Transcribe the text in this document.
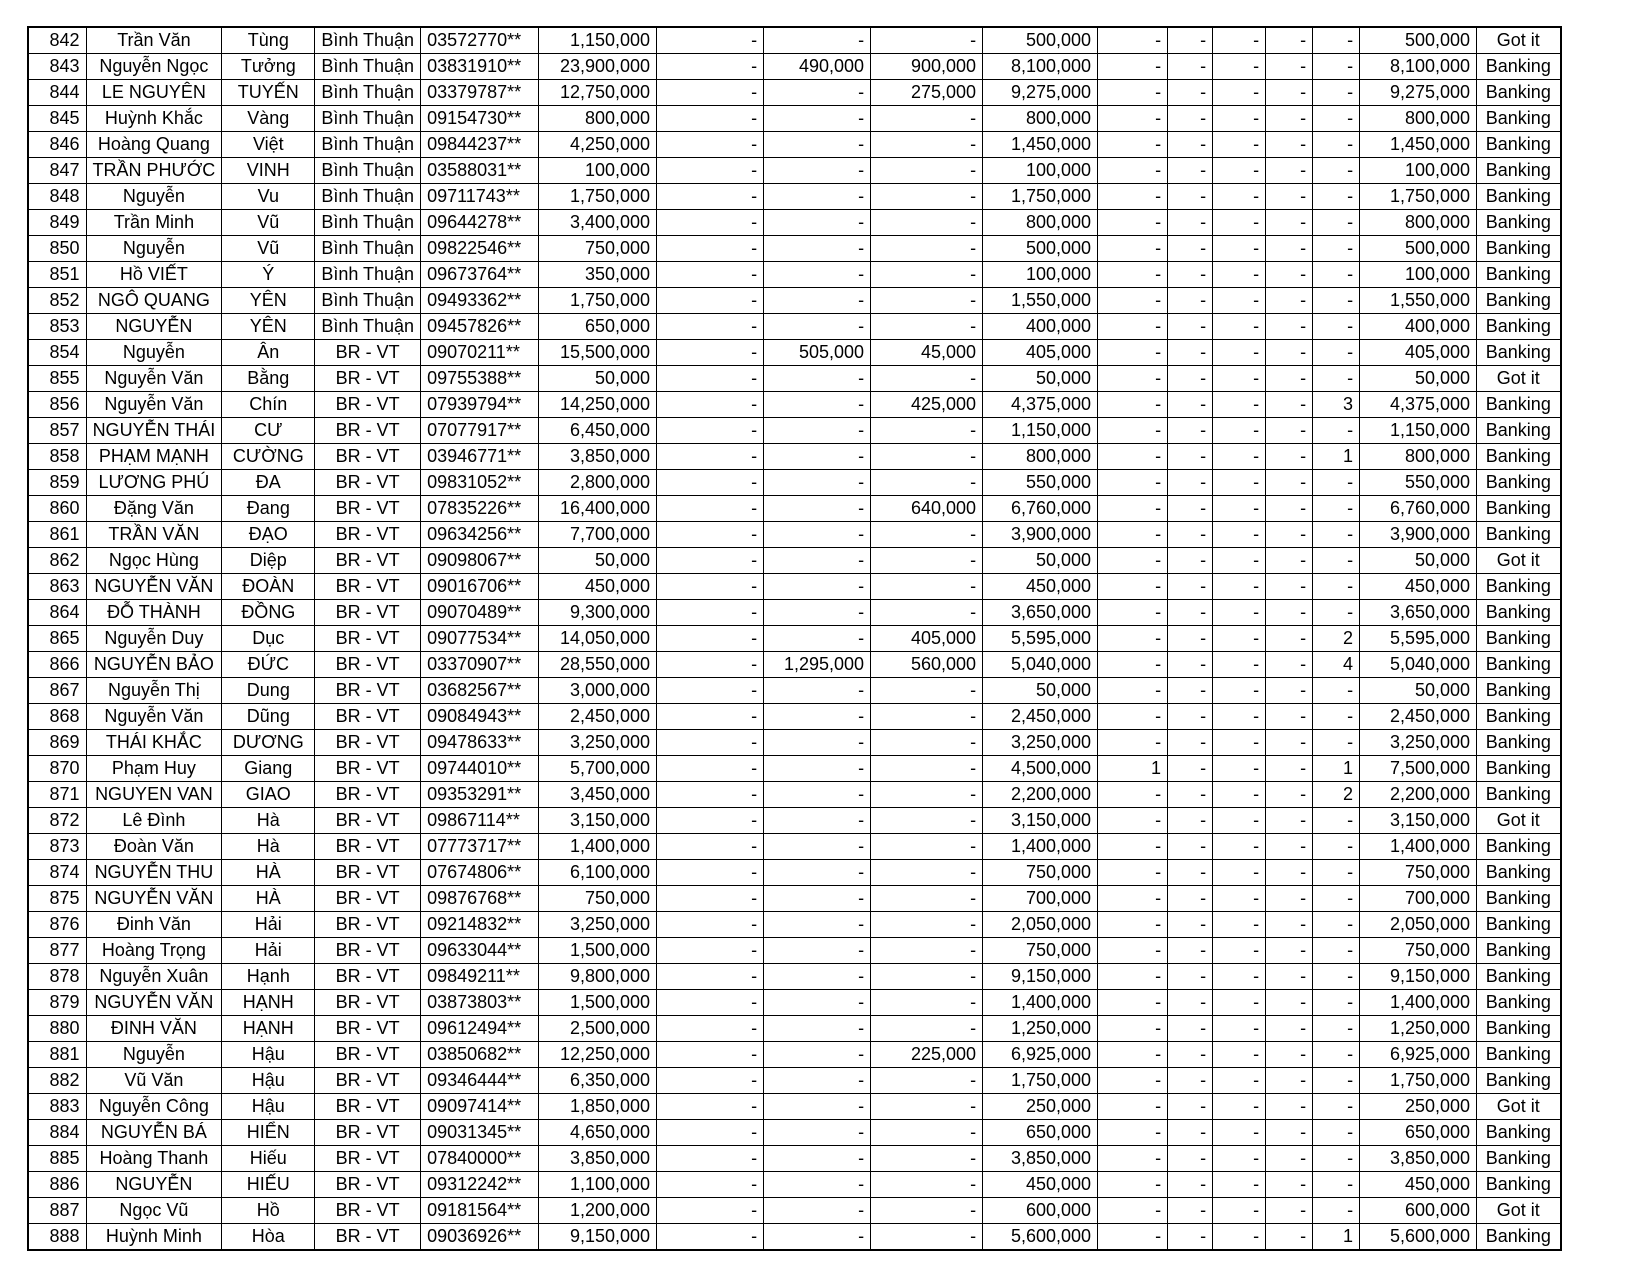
842	Trần Văn	Tùng	Bình Thuận	03572770**	1,150,000	-	-	-	500,000	-	-	-	-	-	500,000	Got it
843	Nguyễn Ngọc	Tưởng	Bình Thuận	03831910**	23,900,000	-	490,000	900,000	8,100,000	-	-	-	-	-	8,100,000	Banking
844	LE NGUYÊN	TUYẾN	Bình Thuận	03379787**	12,750,000	-	-	275,000	9,275,000	-	-	-	-	-	9,275,000	Banking
845	Huỳnh Khắc	Vàng	Bình Thuận	09154730**	800,000	-	-	-	800,000	-	-	-	-	-	800,000	Banking
846	Hoàng Quang	Việt	Bình Thuận	09844237**	4,250,000	-	-	-	1,450,000	-	-	-	-	-	1,450,000	Banking
847	TRẦN PHƯỚC	VINH	Bình Thuận	03588031**	100,000	-	-	-	100,000	-	-	-	-	-	100,000	Banking
848	Nguyễn	Vu	Bình Thuận	09711743**	1,750,000	-	-	-	1,750,000	-	-	-	-	-	1,750,000	Banking
849	Trần Minh	Vũ	Bình Thuận	09644278**	3,400,000	-	-	-	800,000	-	-	-	-	-	800,000	Banking
850	Nguyễn	Vũ	Bình Thuận	09822546**	750,000	-	-	-	500,000	-	-	-	-	-	500,000	Banking
851	Hồ VIẾT	Ý	Bình Thuận	09673764**	350,000	-	-	-	100,000	-	-	-	-	-	100,000	Banking
852	NGÔ QUANG	YÊN	Bình Thuận	09493362**	1,750,000	-	-	-	1,550,000	-	-	-	-	-	1,550,000	Banking
853	NGUYỄN	YÊN	Bình Thuận	09457826**	650,000	-	-	-	400,000	-	-	-	-	-	400,000	Banking
854	Nguyễn	Ân	BR - VT	09070211**	15,500,000	-	505,000	45,000	405,000	-	-	-	-	-	405,000	Banking
855	Nguyễn Văn	Bằng	BR - VT	09755388**	50,000	-	-	-	50,000	-	-	-	-	-	50,000	Got it
856	Nguyễn Văn	Chín	BR - VT	07939794**	14,250,000	-	-	425,000	4,375,000	-	-	-	-	3	4,375,000	Banking
857	NGUYỄN THÁI	CƯ	BR - VT	07077917**	6,450,000	-	-	-	1,150,000	-	-	-	-	-	1,150,000	Banking
858	PHẠM MẠNH	CƯỜNG	BR - VT	03946771**	3,850,000	-	-	-	800,000	-	-	-	-	1	800,000	Banking
859	LƯƠNG PHÚ	ĐA	BR - VT	09831052**	2,800,000	-	-	-	550,000	-	-	-	-	-	550,000	Banking
860	Đặng Văn	Đang	BR - VT	07835226**	16,400,000	-	-	640,000	6,760,000	-	-	-	-	-	6,760,000	Banking
861	TRẦN VĂN	ĐẠO	BR - VT	09634256**	7,700,000	-	-	-	3,900,000	-	-	-	-	-	3,900,000	Banking
862	Ngọc Hùng	Diệp	BR - VT	09098067**	50,000	-	-	-	50,000	-	-	-	-	-	50,000	Got it
863	NGUYỄN VĂN	ĐOÀN	BR - VT	09016706**	450,000	-	-	-	450,000	-	-	-	-	-	450,000	Banking
864	ĐỖ THÀNH	ĐỒNG	BR - VT	09070489**	9,300,000	-	-	-	3,650,000	-	-	-	-	-	3,650,000	Banking
865	Nguyễn Duy	Dục	BR - VT	09077534**	14,050,000	-	-	405,000	5,595,000	-	-	-	-	2	5,595,000	Banking
866	NGUYỄN BẢO	ĐỨC	BR - VT	03370907**	28,550,000	-	1,295,000	560,000	5,040,000	-	-	-	-	4	5,040,000	Banking
867	Nguyễn Thị	Dung	BR - VT	03682567**	3,000,000	-	-	-	50,000	-	-	-	-	-	50,000	Banking
868	Nguyễn Văn	Dũng	BR - VT	09084943**	2,450,000	-	-	-	2,450,000	-	-	-	-	-	2,450,000	Banking
869	THÁI KHẮC	DƯƠNG	BR - VT	09478633**	3,250,000	-	-	-	3,250,000	-	-	-	-	-	3,250,000	Banking
870	Phạm Huy	Giang	BR - VT	09744010**	5,700,000	-	-	-	4,500,000	1	-	-	-	1	7,500,000	Banking
871	NGUYEN VAN	GIAO	BR - VT	09353291**	3,450,000	-	-	-	2,200,000	-	-	-	-	2	2,200,000	Banking
872	Lê Đình	Hà	BR - VT	09867114**	3,150,000	-	-	-	3,150,000	-	-	-	-	-	3,150,000	Got it
873	Đoàn Văn	Hà	BR - VT	07773717**	1,400,000	-	-	-	1,400,000	-	-	-	-	-	1,400,000	Banking
874	NGUYỄN THU	HÀ	BR - VT	07674806**	6,100,000	-	-	-	750,000	-	-	-	-	-	750,000	Banking
875	NGUYỄN VĂN	HÀ	BR - VT	09876768**	750,000	-	-	-	700,000	-	-	-	-	-	700,000	Banking
876	Đinh Văn	Hải	BR - VT	09214832**	3,250,000	-	-	-	2,050,000	-	-	-	-	-	2,050,000	Banking
877	Hoàng Trọng	Hải	BR - VT	09633044**	1,500,000	-	-	-	750,000	-	-	-	-	-	750,000	Banking
878	Nguyễn Xuân	Hạnh	BR - VT	09849211**	9,800,000	-	-	-	9,150,000	-	-	-	-	-	9,150,000	Banking
879	NGUYỄN VĂN	HẠNH	BR - VT	03873803**	1,500,000	-	-	-	1,400,000	-	-	-	-	-	1,400,000	Banking
880	ĐINH VĂN	HẠNH	BR - VT	09612494**	2,500,000	-	-	-	1,250,000	-	-	-	-	-	1,250,000	Banking
881	Nguyễn	Hậu	BR - VT	03850682**	12,250,000	-	-	225,000	6,925,000	-	-	-	-	-	6,925,000	Banking
882	Vũ Văn	Hậu	BR - VT	09346444**	6,350,000	-	-	-	1,750,000	-	-	-	-	-	1,750,000	Banking
883	Nguyễn Công	Hậu	BR - VT	09097414**	1,850,000	-	-	-	250,000	-	-	-	-	-	250,000	Got it
884	NGUYỄN BÁ	HIỂN	BR - VT	09031345**	4,650,000	-	-	-	650,000	-	-	-	-	-	650,000	Banking
885	Hoàng Thanh	Hiếu	BR - VT	07840000**	3,850,000	-	-	-	3,850,000	-	-	-	-	-	3,850,000	Banking
886	NGUYỄN	HIẾU	BR - VT	09312242**	1,100,000	-	-	-	450,000	-	-	-	-	-	450,000	Banking
887	Ngọc Vũ	Hồ	BR - VT	09181564**	1,200,000	-	-	-	600,000	-	-	-	-	-	600,000	Got it
888	Huỳnh Minh	Hòa	BR - VT	09036926**	9,150,000	-	-	-	5,600,000	-	-	-	-	1	5,600,000	Banking
